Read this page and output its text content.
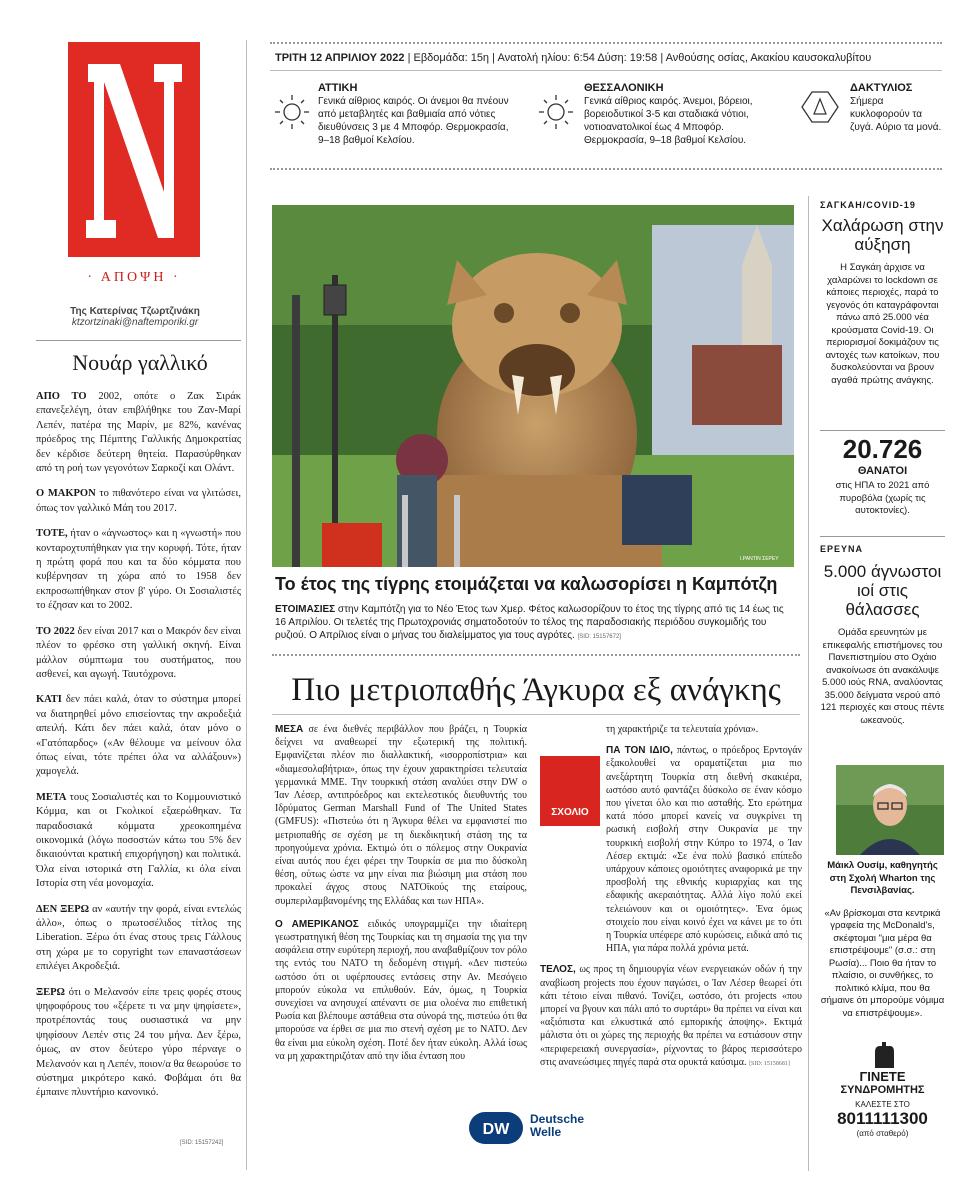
· ΑΠΟΨΗ ·
Της Κατερίνας Τζωρτζινάκη
ktzortzinaki@naftemporiki.gr
Νουάρ γαλλικό

ΑΠΟ ΤΟ 2002, οπότε ο Ζακ Σιράκ επανεξελέγη, όταν επιβλήθηκε του Ζαν-Μαρί Λεπέν, πατέρα της Μαρίν, με 82%, κανένας πρόεδρος της Πέμπτης Γαλλικής Δημοκρατίας δεν κέρδισε δεύτερη θητεία. Παρασύρθηκαν από τη ροή των γεγονότων Σαρκοζί και Ολάντ.

Ο ΜΑΚΡΟΝ το πιθανότερο είναι να γλιτώσει, όπως τον γαλλικό Μάη του 2017.

ΤΟΤΕ, ήταν ο «άγνωστος» και η «γνωστή» που κονταροχτυπήθηκαν για την κορυφή. Τότε, ήταν η πρώτη φορά που και τα δύο κόμματα που κυβέρνησαν τη χώρα από το 1958 δεν εκπροσωπήθηκαν στον β' γύρο. Οι Σοσιαλιστές το έζησαν και το 2002.

ΤΟ 2022 δεν είναι 2017 και ο Μακρόν δεν είναι πλέον το φρέσκο στη γαλλική σκηνή. Είναι μάλλον σύμπτωμα του συστήματος, που ασθενεί, και αγωγή. Ταυτόχρονα.

ΚΑΤΙ δεν πάει καλά, όταν το σύστημα μπορεί να διατηρηθεί μόνο επισείοντας την ακροδεξιά απειλή. Κάτι δεν πάει καλά, όταν μόνο ο «Γατόπαρδος» («Αν θέλουμε να μείνουν όλα όπως είναι, τότε πρέπει όλα να αλλάξουν») χαμογελά.

ΜΕΤΑ τους Σοσιαλιστές και το Κομμουνιστικό Κόμμα, και οι Γκολικοί εξαερώθηκαν. Τα παραδοσιακά κόμματα χρεοκοπημένα οικονομικά (λόγω ποσοστών κάτω του 5% δεν δικαιούνται κρατική επιχορήγηση) και πολιτικά. Όλα είναι ιστορικά στη Γαλλία, κι όλα είναι Ιστορία στη νέα μονομαχία.

ΔΕΝ ΞΕΡΩ αν «αυτήν την φορά, είναι εντελώς άλλο», όπως ο πρωτοσέλιδος τίτλος της Liberation. Ξέρω ότι ένας στους τρεις Γάλλους στη χώρα με το copyright των επαναστάσεων επιλέγει Ακροδεξιά.

ΞΕΡΩ ότι ο Μελανσόν είπε τρεις φορές στους ψηφοφόρους του «ξέρετε τι να μην ψηφίσετε», προτρέποντάς τους ουσιαστικά να μην ψηφίσουν Λεπέν στις 24 του μήνα. Δεν ξέρω, όμως, αν στον δεύτερο γύρο πέρναγε ο Μελανσόν και η Λεπέν, ποιον/α θα θεωρούσε το σύστημα μικρότερο κακό. Φοβάμαι ότι θα έμπαινε πλυντήριο κανονικό.

[SID: 15157242]
ΤΡΙΤΗ 12 ΑΠΡΙΛΙΟΥ 2022 | Εβδομάδα: 15η | Ανατολή ηλίου: 6:54 Δύση: 19:58 | Ανθούσης οσίας, Ακακίου καυσοκαλυβίτου
ΑΤΤΙΚΗ
Γενικά αίθριος καιρός. Οι άνεμοι θα πνέουν από μεταβλητές και βαθμιαία από νότιες διευθύνσεις 3 με 4 Μποφόρ. Θερμοκρασία, 9–18 βαθμοί Κελσίου.
ΘΕΣΣΑΛΟΝΙΚΗ
Γενικά αίθριος καιρός. Άνεμοι, βόρειοι, βορειοδυτικοί 3-5 και σταδιακά νότιοι, νοτιοανατολικοί έως 4 Μποφόρ. Θερμοκρασία, 9–18 βαθμοί Κελσίου.
ΔΑΚΤΥΛΙΟΣ
Σήμερα κυκλοφορούν τα ζυγά. Αύριο τα μονά.
Ι.ΡΑΝΤΙΝ ΣΕΡΕΥ
Το έτος της τίγρης ετοιμάζεται να καλωσορίσει η Καμπότζη
ΕΤΟΙΜΑΣΙΕΣ στην Καμπότζη για το Νέο Έτος των Χμερ. Φέτος καλωσορίζουν το έτος της τίγρης από τις 14 έως τις 16 Απριλίου. Οι τελετές της Πρωτοχρονιάς σηματοδοτούν το τέλος της παραδοσιακής περιόδου συγκομιδής του ρυζιού. Ο Απρίλιος είναι ο μήνας του διαλείμματος για τους αγρότες. [SID: 15157672]
Πιο μετριοπαθής Άγκυρα εξ ανάγκης

ΜΕΣΑ σε ένα διεθνές περιβάλλον που βράζει, η Τουρκία δείχνει να αναθεωρεί την εξωτερική της πολιτική. Εμφανίζεται πλέον πιο διαλλακτική, «ισορροπίστρια» και «διαμεσολαβήτρια», όπως την έχουν χαρακτηρίσει τελευταία γερμανικά ΜΜΕ. Την τουρκική στάση αναλύει στην DW ο Ίαν Λέσερ, αντιπρόεδρος και εκτελεστικός διευθυντής του Ιδρύματος German Marshall Fund of The United States (GMFUS): «Πιστεύω ότι η Άγκυρα θέλει να εμφανιστεί πιο μετριοπαθής σε σχέση με τη διεκδικητική στάση της τα προηγούμενα χρόνια. Εκτιμώ ότι ο πόλεμος στην Ουκρανία είναι αυτός που έχει φέρει την Τουρκία σε μια πιο δύσκολη θέση, ούτως ώστε να μην είναι πια βιώσιμη μια στάση που προκαλεί άγχος στους ΝΑΤΟϊκούς της εταίρους, συμπεριλαμβανομένης της Ελλάδας και των ΗΠΑ».

Ο ΑΜΕΡΙΚΑΝΟΣ ειδικός υπογραμμίζει την ιδιαίτερη γεωστρατηγική θέση της Τουρκίας και τη σημασία της για την ασφάλεια στην ευρύτερη περιοχή, που αναβαθμίζουν τον ρόλο της εντός του ΝΑΤΟ τη δεδομένη στιγμή. «Δεν πιστεύω ωστόσο ότι οι υφέρπουσες εντάσεις στην Αν. Μεσόγειο μπορούν εύκολα να επιλυθούν. Εάν, όμως, η Τουρκία συνεχίσει να ανησυχεί απέναντι σε μια ολοένα πιο επιθετική Ρωσία και βλέπουμε αστάθεια στα σύνορά της, πιστεύω ότι θα μπορούσε να έρθει σε μια πιο στενή σχέση με το ΝΑΤΟ. Δεν θα είναι μια εύκολη σχέση. Ποτέ δεν ήταν εύκολη. Αλλά ίσως να μη χαρακτηριζόταν από την ίδια ένταση που

ΣΧΟΛΙΟ

τη χαρακτήριζε τα τελευταία χρόνια».

ΠΑ ΤΟΝ ΙΔΙΟ, πάντως, ο πρόεδρος Ερντογάν εξακολουθεί να οραματίζεται μια πιο ανεξάρτητη Τουρκία στη διεθνή σκακιέρα, ωστόσο αυτό φαντάζει δύσκολο σε έναν κόσμο που γίνεται όλο και πιο ασταθής. Στο ερώτημα κατά πόσο μπορεί κανείς να συγκρίνει τη ρωσική εισβολή στην Ουκρανία με την τουρκική εισβολή στην Κύπρο το 1974, ο Ίαν Λέσερ εκτιμά: «Σε ένα πολύ βασικό επίπεδο υπάρχουν κάποιες ομοιότητες αναφορικά με την προσβολή της εθνικής κυριαρχίας και της εδαφικής ακεραιότητας. Αλλά λίγο πολύ εκεί τελειώνουν και οι ομοιότητες». Ένα όμως στοιχείο που είναι κοινό έχει να κάνει με το ότι η Τουρκία υπέφερε από κυρώσεις, ειδικά από τις ΗΠΑ, για πάρα πολλά χρόνια μετά.

ΤΕΛΟΣ, ως προς τη δημιουργία νέων ενεργειακών οδών ή την αναβίωση projects που έχουν παγώσει, ο Ίαν Λέσερ θεωρεί ότι κάτι τέτοιο είναι πιθανό. Τονίζει, ωστόσο, ότι projects «που μπορεί να βγουν και πάλι από το συρτάρι» θα πρέπει να είναι και «αξιόπιστα και ελκυστικά από εμπορικής άποψης». Εκτιμά μάλιστα ότι οι χώρες της περιοχής θα πρέπει να εστιάσουν στην «περιφερειακή συνεργασία», ρίχνοντας το βάρος περισσότερο στις ανανεώσιμες πηγές παρά στα ορυκτά καύσιμα. [SID: 15158681]

DW
Deutsche
Welle
ΣΑΓΚΑΗ/COVID-19
Χαλάρωση στην αύξηση
Η Σαγκάη άρχισε να χαλαρώνει το lockdown σε κάποιες περιοχές, παρά το γεγονός ότι καταγράφονται πάνω από 25.000 νέα κρούσματα Covid-19. Οι περιορισμοί δοκιμάζουν τις αντοχές των κατοίκων, που δυσκολεύονται να βρουν αγαθά πρώτης ανάγκης.
20.726
ΘΑΝΑΤΟΙ
στις ΗΠΑ το 2021 από πυροβόλα (χωρίς τις αυτοκτονίες).
ΕΡΕΥΝΑ
5.000 άγνωστοι ιοί στις θάλασσες
Ομάδα ερευνητών με επικεφαλής επιστήμονες του Πανεπιστημίου στο Οχάιο ανακοίνωσε ότι ανακάλυψε 5.000 ιούς RNA, αναλύοντας 35.000 δείγματα νερού από 121 περιοχές και στους πέντε ωκεανούς.
Μάικλ Ουσίμ, καθηγητής στη Σχολή Wharton της Πενσιλβανίας.
«Αν βρίσκομαι στα κεντρικά γραφεία της McDonald's, σκέφτομαι "μια μέρα θα επιστρέψουμε" (σ.σ.: στη Ρωσία)... Ποιο θα ήταν το πλαίσιο, οι συνθήκες, το πολιτικό κλίμα, που θα σήμαινε ότι μπορούμε νόμιμα να επιστρέψουμε».
ΓΙΝΕΤΕ
ΣΥΝΔΡΟΜΗΤΗΣ
ΚΑΛΕΣΤΕ ΣΤΟ
8011111300
(από σταθερό)
